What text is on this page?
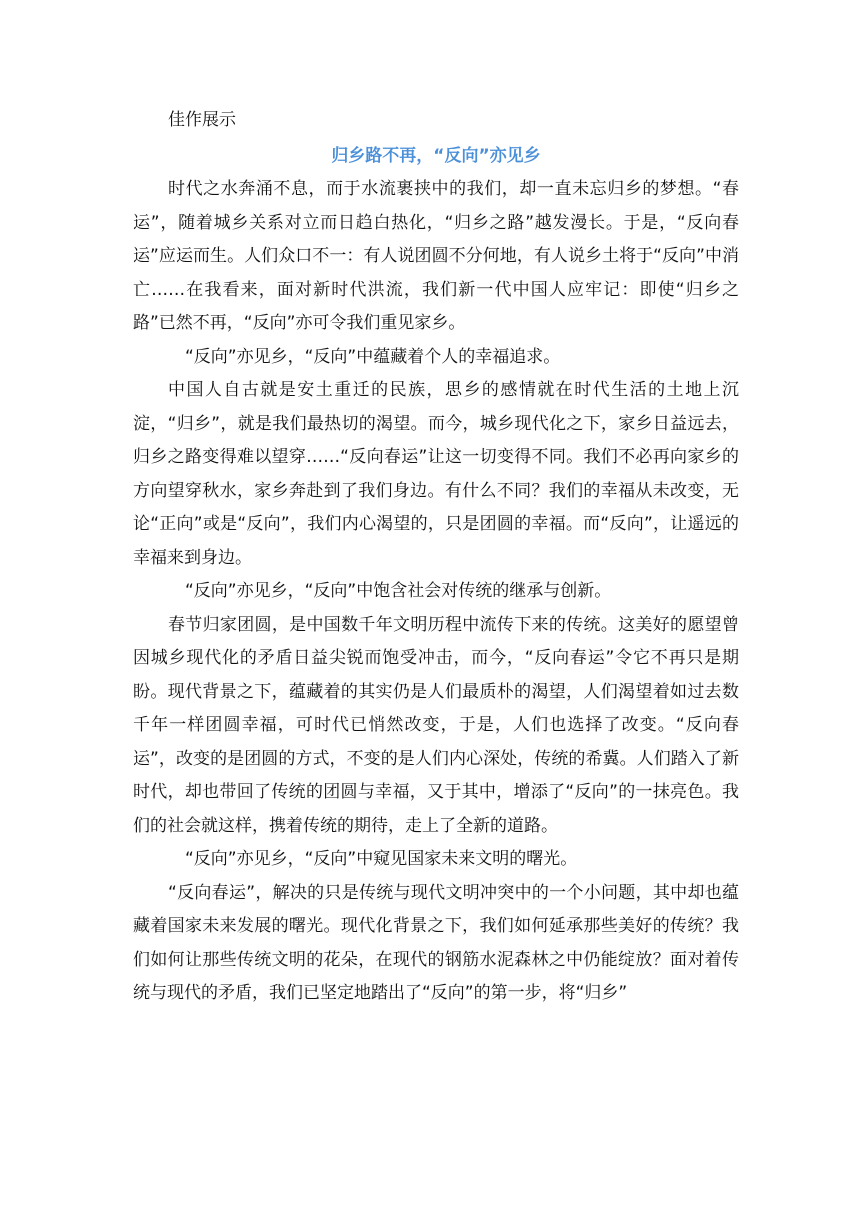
佳作展示

归乡路不再，“反向”亦见乡

时代之水奔涌不息，而于水流裹挟中的我们，却一直未忘归乡的梦想。“春运”，随着城乡关系对立而日趋白热化，“归乡之路”越发漫长。于是，“反向春运”应运而生。人们众口不一：有人说团圆不分何地，有人说乡土将于“反向”中消亡……在我看来，面对新时代洪流，我们新一代中国人应牢记：即使“归乡之路”已然不再，“反向”亦可令我们重见家乡。

“反向”亦见乡，“反向”中蕴藏着个人的幸福追求。

中国人自古就是安土重迁的民族，思乡的感情就在时代生活的土地上沉淀，“归乡”，就是我们最热切的渴望。而今，城乡现代化之下，家乡日益远去，归乡之路变得难以望穿……“反向春运”让这一切变得不同。我们不必再向家乡的方向望穿秋水，家乡奔赴到了我们身边。有什么不同？我们的幸福从未改变，无论“正向”或是“反向”，我们内心渴望的，只是团圆的幸福。而“反向”，让遥远的幸福来到身边。

“反向”亦见乡，“反向”中饱含社会对传统的继承与创新。

春节归家团圆，是中国数千年文明历程中流传下来的传统。这美好的愿望曾因城乡现代化的矛盾日益尖锐而饱受冲击，而今，“反向春运”令它不再只是期盼。现代背景之下，蕴藏着的其实仍是人们最质朴的渴望，人们渴望着如过去数千年一样团圆幸福，可时代已悄然改变，于是，人们也选择了改变。“反向春运”，改变的是团圆的方式，不变的是人们内心深处，传统的希冀。人们踏入了新时代，却也带回了传统的团圆与幸福，又于其中，增添了“反向”的一抹亮色。我们的社会就这样，携着传统的期待，走上了全新的道路。

“反向”亦见乡，“反向”中窥见国家未来文明的曙光。

“反向春运”，解决的只是传统与现代文明冲突中的一个小问题，其中却也蕴藏着国家未来发展的曙光。现代化背景之下，我们如何延承那些美好的传统？我们如何让那些传统文明的花朵，在现代的钢筋水泥森林之中仍能绽放？面对着传统与现代的矛盾，我们已坚定地踏出了“反向”的第一步，将“归乡”
